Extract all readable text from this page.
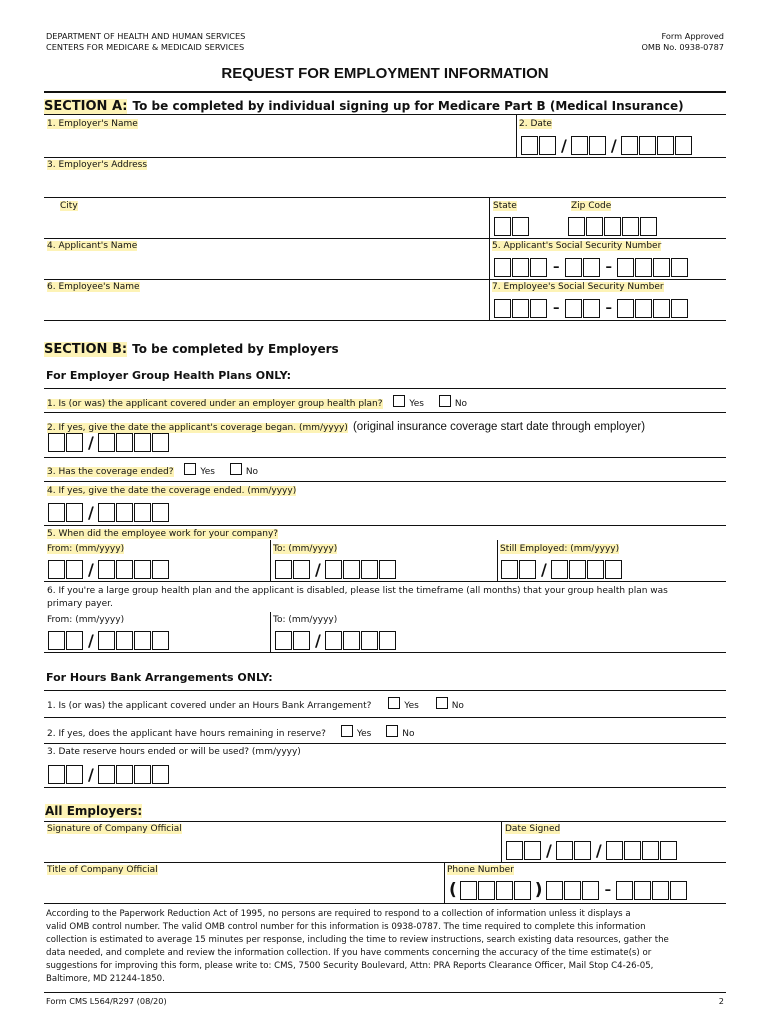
DEPARTMENT OF HEALTH AND HUMAN SERVICES
CENTERS FOR MEDICARE & MEDICAID SERVICES
Form Approved
OMB No. 0938-0787
REQUEST FOR EMPLOYMENT INFORMATION
SECTION A: To be completed by individual signing up for Medicare Part B (Medical Insurance)
1. Employer's Name	2. Date
/	/
3. Employer's Address
City	State	Zip Code
4. Applicant's Name	5. Applicant's Social Security Number
–	–
6. Employee's Name	7. Employee's Social Security Number
–	–
SECTION B: To be completed by Employers
For Employer Group Health Plans ONLY:
1. Is (or was) the applicant covered under an employer group health plan?	Yes	No
2. If yes, give the date the applicant's coverage began. (mm/yyyy) (original insurance coverage start date through employer)
/
3. Has the coverage ended?	Yes	No
4. If yes, give the date the coverage ended. (mm/yyyy)
/
5. When did the employee work for your company?
From: (mm/yyyy)	To: (mm/yyyy)	Still Employed: (mm/yyyy)
/	/	/
6. If you're a large group health plan and the applicant is disabled, please list the timeframe (all months) that your group health plan was
primary payer.
From: (mm/yyyy)	To: (mm/yyyy)
/	/
For Hours Bank Arrangements ONLY:
1. Is (or was) the applicant covered under an Hours Bank Arrangement?	Yes	No
2. If yes, does the applicant have hours remaining in reserve?	Yes	No
3. Date reserve hours ended or will be used? (mm/yyyy)
/
All Employers:
Signature of Company Official	Date Signed
/	/
Title of Company Official	Phone Number
(	)	–
According to the Paperwork Reduction Act of 1995, no persons are required to respond to a collection of information unless it displays a
valid OMB control number. The valid OMB control number for this information is 0938-0787. The time required to complete this information
collection is estimated to average 15 minutes per response, including the time to review instructions, search existing data resources, gather the
data needed, and complete and review the information collection. If you have comments concerning the accuracy of the time estimate(s) or
suggestions for improving this form, please write to: CMS, 7500 Security Boulevard, Attn: PRA Reports Clearance Officer, Mail Stop C4-26-05,
Baltimore, MD 21244-1850.
Form CMS L564/R297 (08/20)	2
